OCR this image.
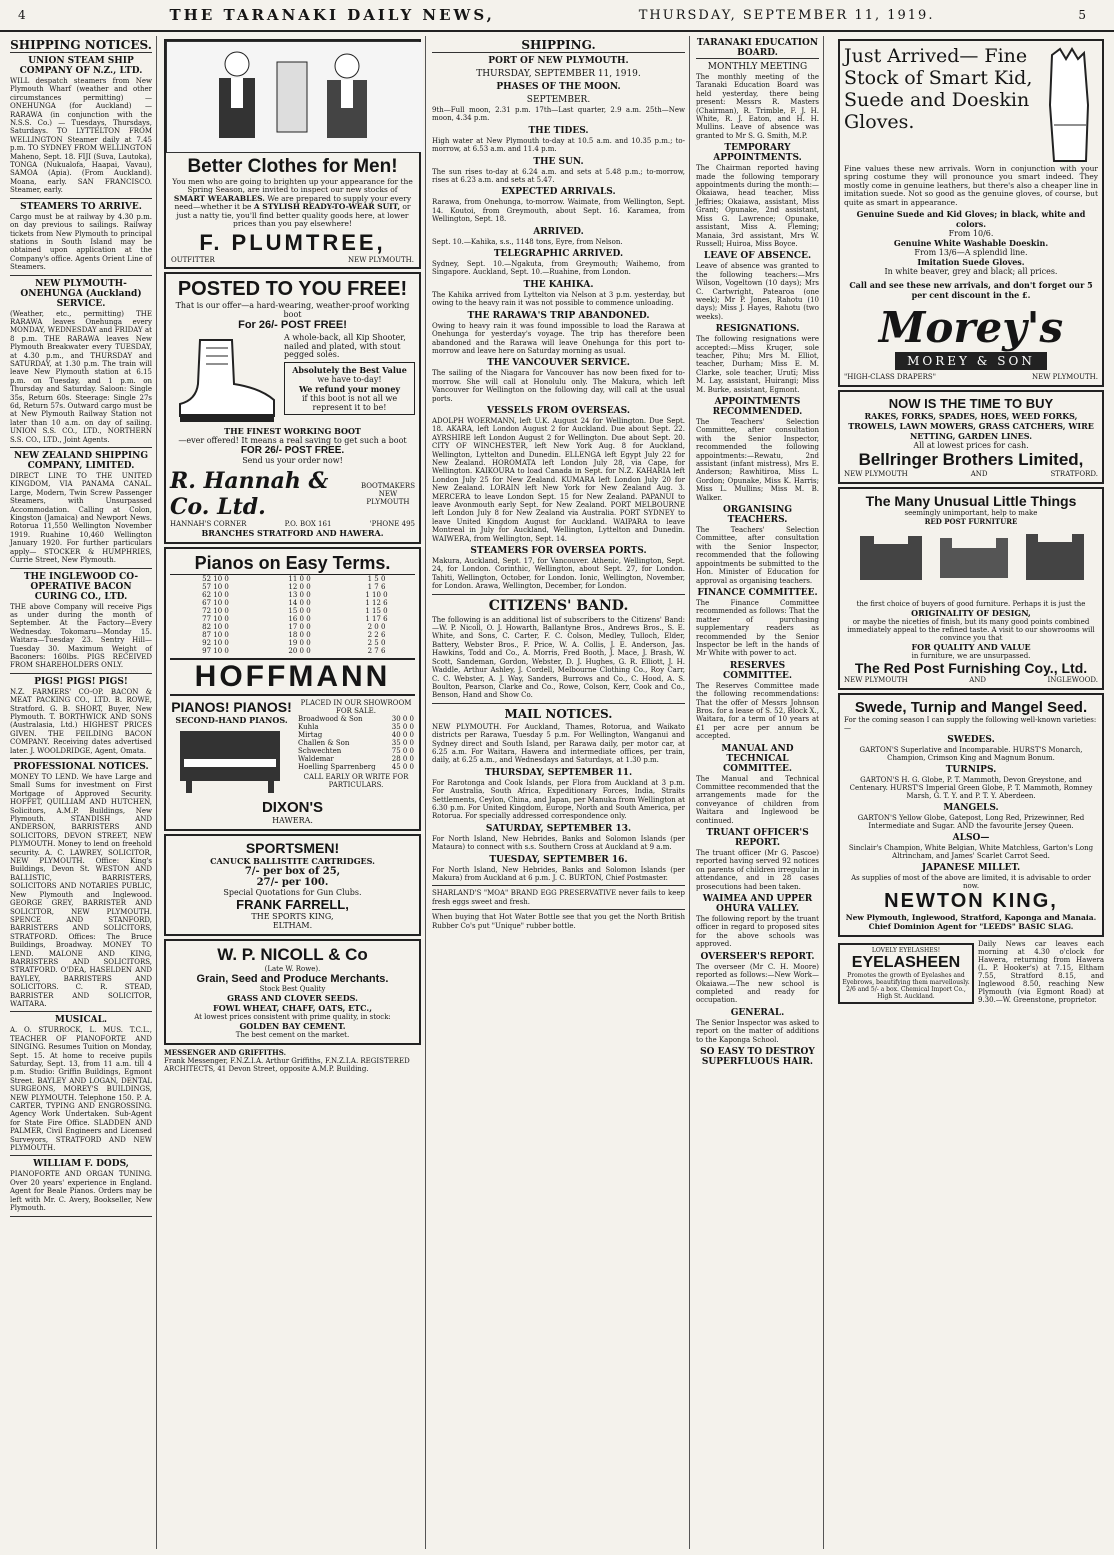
4	THE TARANAKI DAILY NEWS,	THURSDAY, SEPTEMBER 11, 1919.	5
SHIPPING NOTICES.
UNION STEAM SHIP COMPANY OF N.Z., LTD.

WILL despatch steamers from New Plymouth Wharf (weather and other circumstances permitting) — ONEHUNGA (for Auckland) — RARAWA (in conjunction with the N.S.S. Co.) — Tuesdays, Thursdays, Saturdays. TO LYTTELTON FROM WELLINGTON Steamer daily at 7.45 p.m. TO SYDNEY FROM WELLINGTON Maheno, Sept. 18. FIJI (Suva, Lautoka), TONGA (Nukualofa, Haapai, Vavau), SAMOA (Apia). (From Auckland). Moana, early. SAN FRANCISCO. Steamer, early.

STEAMERS TO ARRIVE.

Cargo must be at railway by 4.30 p.m. on day previous to sailings. Railway tickets from New Plymouth to principal stations in South Island may be obtained upon application at the Company's office. Agents Orient Line of Steamers.

NEW PLYMOUTH-ONEHUNGA (Auckland) SERVICE.

(Weather, etc., permitting) THE RARAWA leaves Onehunga every MONDAY, WEDNESDAY and FRIDAY at 8 p.m. THE RARAWA leaves New Plymouth Breakwater every TUESDAY, at 4.30 p.m., and THURSDAY and SATURDAY, at 1.30 p.m. The train will leave New Plymouth station at 6.15 p.m. on Tuesday, and 1 p.m. on Thursday and Saturday. Saloon: Single 35s, Return 60s. Steerage: Single 27s 6d, Return 57s. Outward cargo must be at New Plymouth Railway Station not later than 10 a.m. on day of sailing. UNION S.S. CO., LTD., NORTHERN S.S. CO., LTD., Joint Agents.

NEW ZEALAND SHIPPING COMPANY, LIMITED.

DIRECT LINE TO THE UNITED KINGDOM, VIA PANAMA CANAL. Large, Modern, Twin Screw Passenger Steamers, with Unsurpassed Accommodation. Calling at Colon, Kingston (Jamaica) and Newport News. Rotorua 11,550 Wellington November 1919. Ruahine 10,460 Wellington January 1920. For further particulars apply— STOCKER & HUMPHRIES, Currie Street, New Plymouth.

THE INGLEWOOD CO-OPERATIVE BACON CURING CO., LTD.

THE above Company will receive Pigs as under during the month of September. At the Factory—Every Wednesday. Tokomaru—Monday 15. Waitara—Tuesday 23. Sentry Hill—Tuesday 30. Maximum Weight of Baconers: 160lbs. PIGS RECEIVED FROM SHAREHOLDERS ONLY.

PIGS! PIGS! PIGS!

N.Z. FARMERS' CO-OP. BACON & MEAT PACKING CO., LTD. B. ROWE, Stratford. G. B. SHORT, Buyer, New Plymouth. T. BORTHWICK AND SONS (Australasia, Ltd.) HIGHEST PRICES GIVEN. THE FEILDING BACON COMPANY. Receiving dates advertised later. J. WOOLDRIDGE, Agent, Omata.

PROFESSIONAL NOTICES.

MONEY TO LEND. We have Large and Small Sums for investment on First Mortgage of Approved Security. HOFFET, QUILLIAM AND HUTCHEN, Solicitors, A.M.P. Buildings, New Plymouth. STANDISH AND ANDERSON, BARRISTERS AND SOLICITORS, DEVON STREET, NEW PLYMOUTH. Money to lend on freehold security. A. C. LAWREY, SOLICITOR, NEW PLYMOUTH. Office: King's Buildings, Devon St. WESTON AND BALLISTIC, BARRISTERS, SOLICITORS AND NOTARIES PUBLIC, New Plymouth and Inglewood. GEORGE GREY, BARRISTER AND SOLICITOR, NEW PLYMOUTH. SPENCE AND STANFORD, BARRISTERS AND SOLICITORS, STRATFORD. Offices: The Bruce Buildings, Broadway. MONEY TO LEND. MALONE AND KING, BARRISTERS AND SOLICITORS, STRATFORD. O'DEA, HASELDEN AND BAYLEY, BARRISTERS AND SOLICITORS. C. R. STEAD, BARRISTER AND SOLICITOR, WAITARA.

MUSICAL.

A. O. STURROCK, L. MUS. T.C.L., TEACHER OF PIANOFORTE AND SINGING. Resumes Tuition on Monday, Sept. 15. At home to receive pupils Saturday, Sept. 13, from 11 a.m. till 4 p.m. Studio: Griffin Buildings, Egmont Street. BAYLEY AND LOGAN, DENTAL SURGEONS, MOREY'S BUILDINGS, NEW PLYMOUTH. Telephone 150. P. A. CARTER, TYPING AND ENGROSSING. Agency Work Undertaken. Sub-Agent for State Fire Office. SLADDEN AND PALMER, Civil Engineers and Licensed Surveyors, STRATFORD AND NEW PLYMOUTH.

WILLIAM F. DODS,

PIANOFORTE AND ORGAN TUNING. Over 20 years' experience in England. Agent for Beale Pianos. Orders may be left with Mr. C. Avery, Bookseller, New Plymouth.

Better Clothes for Men!
You men who are going to brighten up your appearance for the Spring Season, are invited to inspect our new stocks of SMART WEARABLES. We are prepared to supply your every need—whether it be A STYLISH READY-TO-WEAR SUIT, or just a natty tie, you'll find better quality goods here, at lower prices than you pay elsewhere!
F. PLUMTREE,
OUTFITTER	NEW PLYMOUTH.
POSTED TO YOU FREE!
That is our offer—a hard-wearing, weather-proof working boot
For 26/- POST FREE!
A whole-back, all Kip Shooter, nailed and plated, with stout pegged soles.
Absolutely the Best Value
we have to-day!
We refund your money
if this boot is not all we represent it to be!
THE FINEST WORKING BOOT
—ever offered! It means a real saving to get such a boot
FOR 26/- POST FREE.
Send us your order now!
R. Hannah & Co. Ltd.
BOOTMAKERS
NEW PLYMOUTH
HANNAH'S CORNER	P.O. BOX 161	'PHONE 495
BRANCHES STRATFORD AND HAWERA.
Pianos on Easy Terms.
52 10 0	11 0 0	1 5 0
57 10 0	12 0 0	1 7 6
62 10 0	13 0 0	1 10 0
67 10 0	14 0 0	1 12 6
72 10 0	15 0 0	1 15 0
77 10 0	16 0 0	1 17 6
82 10 0	17 0 0	2 0 0
87 10 0	18 0 0	2 2 6
92 10 0	19 0 0	2 5 0
97 10 0	20 0 0	2 7 6
HOFFMANN
PIANOS! PIANOS!
SECOND-HAND PIANOS.
PLACED IN OUR SHOWROOM FOR SALE.
Broadwood & Son	30 0 0
Kuhla	35 0 0
Mirtag	40 0 0
Challen & Son	35 0 0
Schwechten	75 0 0
Waldemar	28 0 0
Hoelling Sparrenberg	45 0 0
CALL EARLY OR WRITE FOR PARTICULARS.
DIXON'S
HAWERA.
SPORTSMEN!
CANUCK BALLISTITE CARTRIDGES.
7/- per box of 25,
27/- per 100.
Special Quotations for Gun Clubs.
FRANK FARRELL,
THE SPORTS KING,
ELTHAM.
W. P. NICOLL & Co
(Late W. Rowe).
Grain, Seed and Produce Merchants.
Stock Best Quality
GRASS AND CLOVER SEEDS.
FOWL WHEAT, CHAFF, OATS, ETC.,
At lowest prices consistent with prime quality, in stock:
GOLDEN BAY CEMENT.
The best cement on the market.
MESSENGER AND GRIFFITHS.
Frank Messenger, F.N.Z.I.A. Arthur Griffiths, F.N.Z.I.A. REGISTERED ARCHITECTS, 41 Devon Street, opposite A.M.P. Building.
SHIPPING.
PORT OF NEW PLYMOUTH.
THURSDAY, SEPTEMBER 11, 1919.
PHASES OF THE MOON.
SEPTEMBER.

9th—Full moon, 2.31 p.m. 17th—Last quarter, 2.9 a.m. 25th—New moon, 4.34 p.m.

THE TIDES.

High water at New Plymouth to-day at 10.5 a.m. and 10.35 p.m.; to-morrow, at 6.53 a.m. and 11.4 p.m.

THE SUN.

The sun rises to-day at 6.24 a.m. and sets at 5.48 p.m.; to-morrow, rises at 6.23 a.m. and sets at 5.47.

EXPECTED ARRIVALS.

Rarawa, from Onehunga, to-morrow. Waimate, from Wellington, Sept. 14. Koutoi, from Greymouth, about Sept. 16. Karamea, from Wellington, Sept. 18.

ARRIVED.

Sept. 10.—Kahika, s.s., 1148 tons, Eyre, from Nelson.

TELEGRAPHIC ARRIVED.

Sydney, Sept. 10.—Ngakuta, from Greymouth; Waihemo, from Singapore. Auckland, Sept. 10.—Ruahine, from London.

THE KAHIKA.

The Kahika arrived from Lyttelton via Nelson at 3 p.m. yesterday, but owing to the heavy rain it was not possible to commence unloading.

THE RARAWA'S TRIP ABANDONED.

Owing to heavy rain it was found impossible to load the Rarawa at Onehunga for yesterday's voyage. The trip has therefore been abandoned and the Rarawa will leave Onehunga for this port to-morrow and leave here on Saturday morning as usual.

THE VANCOUVER SERVICE.

The sailing of the Niagara for Vancouver has now been fixed for to-morrow. She will call at Honolulu only. The Makura, which left Vancouver for Wellington on the following day, will call at the usual ports.

VESSELS FROM OVERSEAS.

ADOLPH WOERMANN, left U.K. August 24 for Wellington. Due Sept. 18. AKARA, left London August 2 for Auckland. Due about Sept. 22. AYRSHIRE left London August 2 for Wellington. Due about Sept. 20. CITY OF WINCHESTER, left New York Aug. 8 for Auckland, Wellington, Lyttelton and Dunedin. ELLENGA left Egypt July 22 for New Zealand. HOROMATA left London July 28, via Cape, for Wellington. KAIKOURA to load Canada in Sept. for N.Z. KAHARIA left London July 25 for New Zealand. KUMARA left London July 20 for New Zealand. LORAIN left New York for New Zealand Aug. 3. MERCERA to leave London Sept. 15 for New Zealand. PAPANUI to leave Avonmouth early Sept. for New Zealand. PORT MELBOURNE left London July 8 for New Zealand via Australia. PORT SYDNEY to leave United Kingdom August for Auckland. WAIPARA to leave Montreal in July for Auckland, Wellington, Lyttelton and Dunedin. WAIWERA, from Wellington, Sept. 14.

STEAMERS FOR OVERSEA PORTS.

Makura, Auckland, Sept. 17, for Vancouver. Athenic, Wellington, Sept. 24, for London. Corinthic, Wellington, about Sept. 27, for London. Tahiti, Wellington, October, for London. Ionic, Wellington, November, for London. Arawa, Wellington, December, for London.

CITIZENS' BAND.

The following is an additional list of subscribers to the Citizens' Band:—W. P. Nicoll, O. J. Howarth, Ballantyne Bros., Andrews Bros., S. E. White, and Sons, C. Carter, F. C. Colson, Medley, Tulloch, Elder, Battery, Webster Bros., F. Price, W. A. Collis, J. E. Anderson, Jas. Hawkins, Todd and Co., A. Morris, Fred Booth, J. Mace, J. Brash, W. Scott, Sandeman, Gordon, Webster, D. J. Hughes, G. R. Elliott, J. H. Waddle, Arthur Ashley, J. Cordell, Melbourne Clothing Co., Roy Carr, C. C. Webster, A. J. Way, Sanders, Burrows and Co., C. Hood, A. S. Boulton, Pearson, Clarke and Co., Rowe, Colson, Kerr, Cook and Co., Benson, Hand and Show Co.

MAIL NOTICES.

NEW PLYMOUTH. For Auckland, Thames, Rotorua, and Waikato districts per Rarawa, Tuesday 5 p.m. For Wellington, Wanganui and Sydney direct and South Island, per Rarawa daily, per motor car, at 6.25 a.m. For Waitara, Hawera and intermediate offices, per train, daily, at 6.25 a.m., and Wednesdays and Saturdays, at 1.30 p.m.

THURSDAY, SEPTEMBER 11.

For Rarotonga and Cook Islands, per Flora from Auckland at 3 p.m. For Australia, South Africa, Expeditionary Forces, India, Straits Settlements, Ceylon, China, and Japan, per Manuka from Wellington at 6.30 p.m. For United Kingdom, Europe, North and South America, per Rotorua. For specially addressed correspondence only.

SATURDAY, SEPTEMBER 13.

For North Island, New Hebrides, Banks and Solomon Islands (per Mataura) to connect with s.s. Southern Cross at Auckland at 9 a.m.

TUESDAY, SEPTEMBER 16.

For North Island, New Hebrides, Banks and Solomon Islands (per Makura) from Auckland at 6 p.m. J. C. BURTON, Chief Postmaster.

SHARLAND'S "MOA" BRAND EGG PRESERVATIVE never fails to keep fresh eggs sweet and fresh.

When buying that Hot Water Bottle see that you get the North British Rubber Co's put "Unique" rubber bottle.

TARANAKI EDUCATION BOARD.
MONTHLY MEETING

The monthly meeting of the Taranaki Education Board was held yesterday, there being present: Messrs R. Masters (Chairman), R. Trimble, F. J. H. White, R. J. Eaton, and H. H. Mullins. Leave of absence was granted to Mr S. G. Smith, M.P.

TEMPORARY APPOINTMENTS.

The Chairman reported having made the following temporary appointments during the month:—Okaiawa, head teacher, Miss Jeffries; Okaiawa, assistant, Miss Grant; Opunake, 2nd assistant, Miss G. Lawrence; Opunake, assistant, Miss A. Fleming; Manaia, 3rd assistant, Mrs W. Russell; Huiroa, Miss Boyce.

LEAVE OF ABSENCE.

Leave of absence was granted to the following teachers:—Mrs Wilson, Vogeltown (10 days); Mrs C. Cartwright, Patearoa (one week); Mr P. Jones, Rahotu (10 days); Miss J. Hayes, Rahotu (two weeks).

RESIGNATIONS.

The following resignations were accepted:—Miss Kruger, sole teacher, Pihu; Mrs M. Elliot, teacher, Durham; Miss E. M. Clarke, sole teacher, Urutī; Miss M. Lay, assistant, Huirangi; Miss M. Burke, assistant, Egmont.

APPOINTMENTS RECOMMENDED.

The Teachers' Selection Committee, after consultation with the Senior Inspector, recommended the following appointments:—Rewatu, 2nd assistant (infant mistress), Mrs E. Anderson; Rawhitiroa, Miss L. Gordon; Opunake, Miss K. Harris; Miss L. Mullins; Miss M. B. Walker.

ORGANISING TEACHERS.

The Teachers' Selection Committee, after consultation with the Senior Inspector, recommended that the following appointments be submitted to the Hon. Minister of Education for approval as organising teachers.

FINANCE COMMITTEE.

The Finance Committee recommended as follows: That the matter of purchasing supplementary readers as recommended by the Senior Inspector be left in the hands of Mr White with power to act.

RESERVES COMMITTEE.

The Reserves Committee made the following recommendations: That the offer of Messrs Johnson Bros. for a lease of S. 52, Block X., Waitara, for a term of 10 years at £1 per acre per annum be accepted.

MANUAL AND TECHNICAL COMMITTEE.

The Manual and Technical Committee recommended that the arrangements made for the conveyance of children from Waitara and Inglewood be continued.

TRUANT OFFICER'S REPORT.

The truant officer (Mr G. Pascoe) reported having served 92 notices on parents of children irregular in attendance, and in 28 cases prosecutions had been taken.

WAIMEA AND UPPER OHURA VALLEY.

The following report by the truant officer in regard to proposed sites for the above schools was approved.

OVERSEER'S REPORT.

The overseer (Mr C. H. Moore) reported as follows:—New Work—Okaiawa.—The new school is completed and ready for occupation.

GENERAL.

The Senior Inspector was asked to report on the matter of additions to the Kaponga School.

SO EASY TO DESTROY SUPERFLUOUS HAIR.
Just Arrived— Fine Stock of Smart Kid, Suede and Doeskin Gloves.

Fine values these new arrivals. Worn in conjunction with your spring costume they will pronounce you smart indeed. They mostly come in genuine leathers, but there's also a cheaper line in imitation suede. Not so good as the genuine gloves, of course, but quite as smart in appearance.

Genuine Suede and Kid Gloves; in black, white and colors.
From 10/6.
Genuine White Washable Doeskin.
From 13/6—A splendid line.
Imitation Suede Gloves.
In white beaver, grey and black; all prices.
Call and see these new arrivals, and don't forget our 5 per cent discount in the £.
Morey's
MOREY & SON
"HIGH-CLASS DRAPERS"	NEW PLYMOUTH.
NOW IS THE TIME TO BUY
RAKES, FORKS, SPADES, HOES, WEED FORKS, TROWELS, LAWN MOWERS, GRASS CATCHERS, WIRE NETTING, GARDEN LINES.
All at lowest prices for cash.
Bellringer Brothers Limited,
NEW PLYMOUTH	AND	STRATFORD.
The Many Unusual Little Things
seemingly unimportant, help to make
RED POST FURNITURE
the first choice of buyers of good furniture. Perhaps it is just the
ORIGINALITY OF DESIGN,
or maybe the niceties of finish, but its many good points combined immediately appeal to the refined taste. A visit to our showrooms will convince you that
FOR QUALITY AND VALUE
in furniture, we are unsurpassed.
The Red Post Furnishing Coy., Ltd.
NEW PLYMOUTH	AND	INGLEWOOD.
Swede, Turnip and Mangel Seed.
For the coming season I can supply the following well-known varieties:—
SWEDES.
GARTON'S Superlative and Incomparable. HURST'S Monarch, Champion, Crimson King and Magnum Bonum.
TURNIPS.
GARTON'S H. G. Globe, P. T. Mammoth, Devon Greystone, and Centenary. HURST'S Imperial Green Globe, P. T. Mammoth, Romney Marsh, G. T. Y. and P. T. Y. Aberdeen.
MANGELS.
GARTON'S Yellow Globe, Gatepost, Long Red, Prizewinner, Red Intermediate and Sugar. AND the favourite Jersey Queen.
ALSO—
Sinclair's Champion, White Belgian, White Matchless, Garton's Long Altrincham, and James' Scarlet Carrot Seed.
JAPANESE MILLET.
As supplies of most of the above are limited, it is advisable to order now.
NEWTON KING,
New Plymouth, Inglewood, Stratford, Kaponga and Manaia.
Chief Dominion Agent for "LEEDS" BASIC SLAG.
LOVELY EYELASHES!
EYELASHEEN
Promotes the growth of Eyelashes and Eyebrows, beautifying them marvellously. 2/6 and 5/- a box. Chemical Import Co., High St. Auckland.
Daily News car leaves each morning at 4.30 o'clock for Hawera, returning from Hawera (L. P. Hooker's) at 7.15, Eltham 7.55, Stratford 8.15, and Inglewood 8.50, reaching New Plymouth (via Egmont Road) at 9.30.—W. Greenstone, proprietor.
